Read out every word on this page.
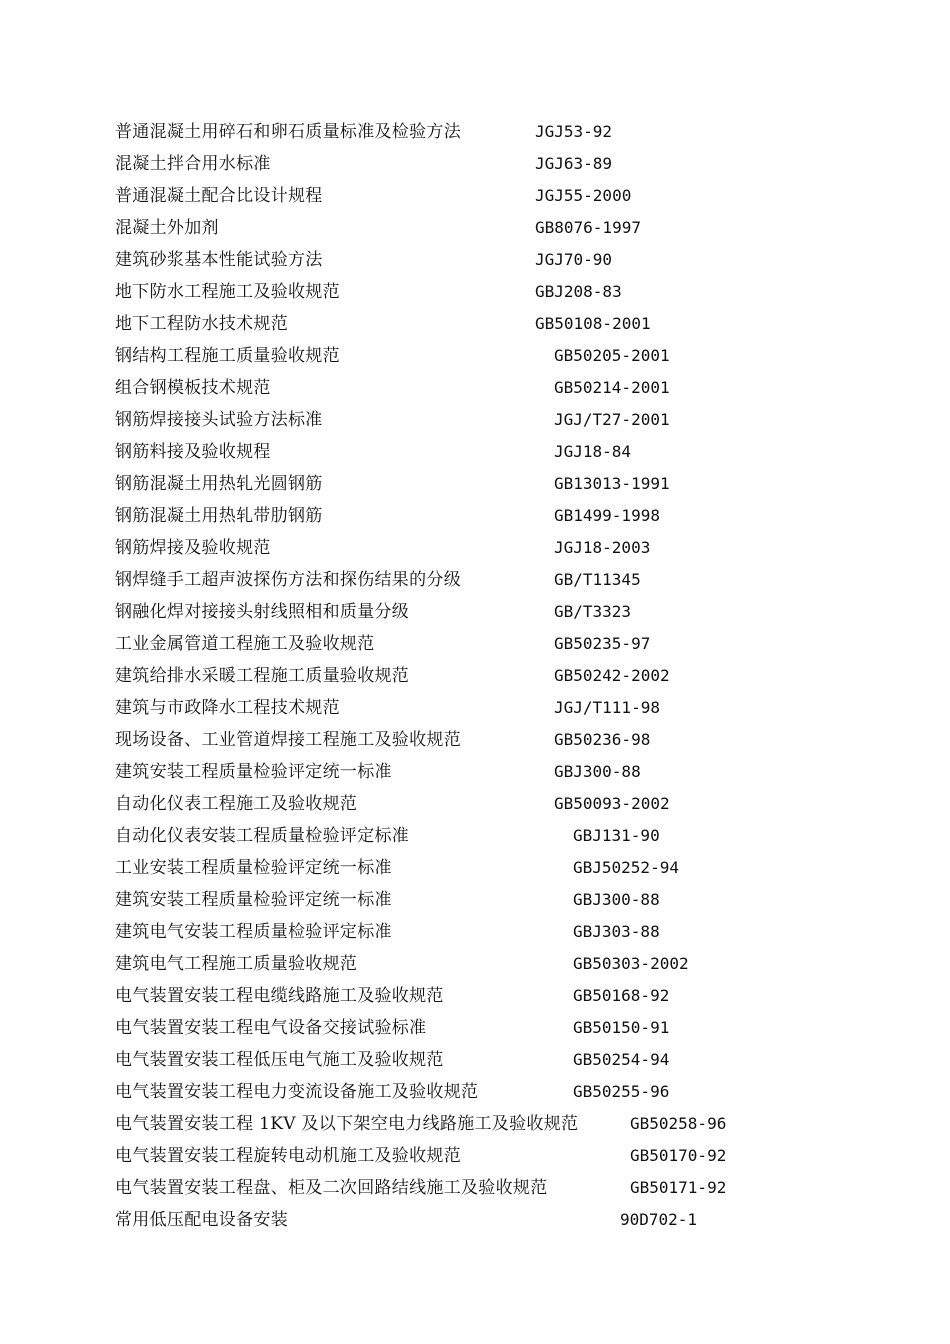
普通混凝土用碎石和卵石质量标准及检验方法	JGJ53-92
混凝土拌合用水标准	JGJ63-89
普通混凝土配合比设计规程	JGJ55-2000
混凝土外加剂	GB8076-1997
建筑砂浆基本性能试验方法	JGJ70-90
地下防水工程施工及验收规范	GBJ208-83
地下工程防水技术规范	GB50108-2001
钢结构工程施工质量验收规范	GB50205-2001
组合钢模板技术规范	GB50214-2001
钢筋焊接接头试验方法标准	JGJ/T27-2001
钢筋料接及验收规程	JGJ18-84
钢筋混凝土用热轧光圆钢筋	GB13013-1991
钢筋混凝土用热轧带肋钢筋	GB1499-1998
钢筋焊接及验收规范	JGJ18-2003
钢焊缝手工超声波探伤方法和探伤结果的分级	GB/T11345
钢融化焊对接接头射线照相和质量分级	GB/T3323
工业金属管道工程施工及验收规范	GB50235-97
建筑给排水采暖工程施工质量验收规范	GB50242-2002
建筑与市政降水工程技术规范	JGJ/T111-98
现场设备、工业管道焊接工程施工及验收规范	GB50236-98
建筑安装工程质量检验评定统一标准	GBJ300-88
自动化仪表工程施工及验收规范	GB50093-2002
自动化仪表安装工程质量检验评定标准	GBJ131-90
工业安装工程质量检验评定统一标准	GBJ50252-94
建筑安装工程质量检验评定统一标准	GBJ300-88
建筑电气安装工程质量检验评定标准	GBJ303-88
建筑电气工程施工质量验收规范	GB50303-2002
电气装置安装工程电缆线路施工及验收规范	GB50168-92
电气装置安装工程电气设备交接试验标准	GB50150-91
电气装置安装工程低压电气施工及验收规范	GB50254-94
电气装置安装工程电力变流设备施工及验收规范	GB50255-96
电气装置安装工程 1KV 及以下架空电力线路施工及验收规范	GB50258-96
电气装置安装工程旋转电动机施工及验收规范	GB50170-92
电气装置安装工程盘、柜及二次回路结线施工及验收规范	GB50171-92
常用低压配电设备安装	90D702-1
